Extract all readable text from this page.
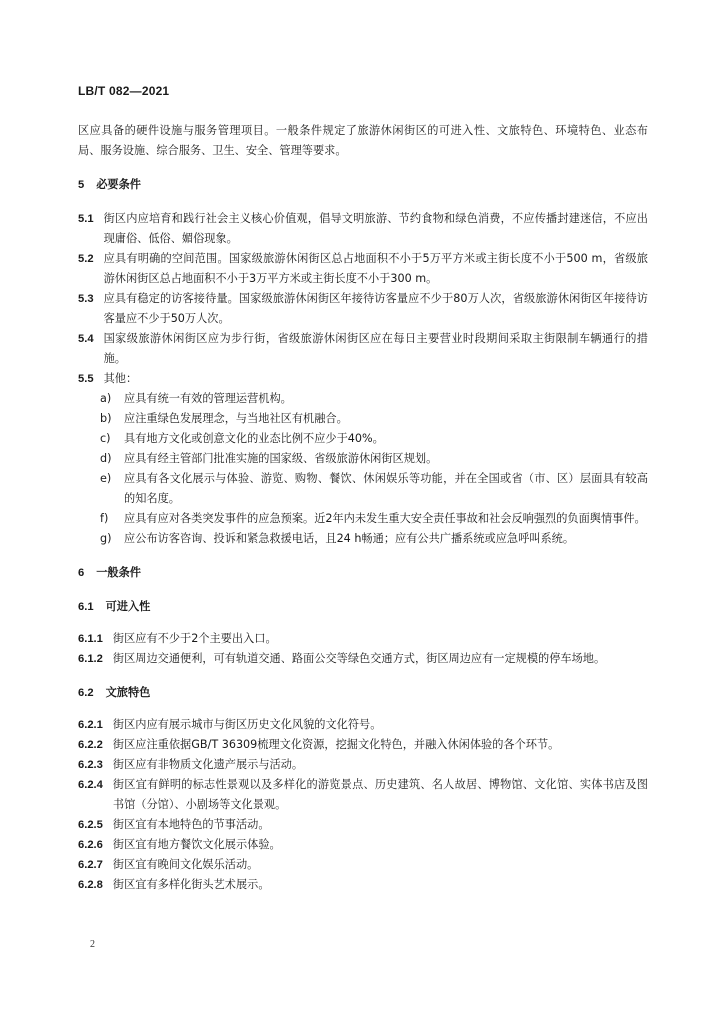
LB/T 082—2021

区应具备的硬件设施与服务管理项目。一般条件规定了旅游休闲街区的可进入性、文旅特色、环境特色、业态布局、服务设施、综合服务、卫生、安全、管理等要求。

5 必要条件
5.1 街区内应培育和践行社会主义核心价值观，倡导文明旅游、节约食物和绿色消费，不应传播封建迷信，不应出现庸俗、低俗、媚俗现象。
5.2 应具有明确的空间范围。国家级旅游休闲街区总占地面积不小于5万平方米或主街长度不小于500 m，省级旅游休闲街区总占地面积不小于3万平方米或主街长度不小于300 m。
5.3 应具有稳定的访客接待量。国家级旅游休闲街区年接待访客量应不少于80万人次，省级旅游休闲街区年接待访客量应不少于50万人次。
5.4 国家级旅游休闲街区应为步行街，省级旅游休闲街区应在每日主要营业时段期间采取主街限制车辆通行的措施。
5.5 其他：
a)	应具有统一有效的管理运营机构。
b)	应注重绿色发展理念，与当地社区有机融合。
c)	具有地方文化或创意文化的业态比例不应少于40%。
d)	应具有经主管部门批准实施的国家级、省级旅游休闲街区规划。
e)	应具有各文化展示与体验、游览、购物、餐饮、休闲娱乐等功能，并在全国或省（市、区）层面具有较高的知名度。
f)	应具有应对各类突发事件的应急预案。近2年内未发生重大安全责任事故和社会反响强烈的负面舆情事件。
g)	应公布访客咨询、投诉和紧急救援电话，且24 h畅通；应有公共广播系统或应急呼叫系统。
6 一般条件
6.1 可进入性
6.1.1 街区应有不少于2个主要出入口。
6.1.2 街区周边交通便利，可有轨道交通、路面公交等绿色交通方式，街区周边应有一定规模的停车场地。
6.2 文旅特色
6.2.1 街区内应有展示城市与街区历史文化风貌的文化符号。
6.2.2 街区应注重依据GB/T 36309梳理文化资源，挖掘文化特色，并融入休闲体验的各个环节。
6.2.3 街区应有非物质文化遗产展示与活动。
6.2.4 街区宜有鲜明的标志性景观以及多样化的游览景点、历史建筑、名人故居、博物馆、文化馆、实体书店及图书馆（分馆）、小剧场等文化景观。
6.2.5 街区宜有本地特色的节事活动。
6.2.6 街区宜有地方餐饮文化展示体验。
6.2.7 街区宜有晚间文化娱乐活动。
6.2.8 街区宜有多样化街头艺术展示。
2
